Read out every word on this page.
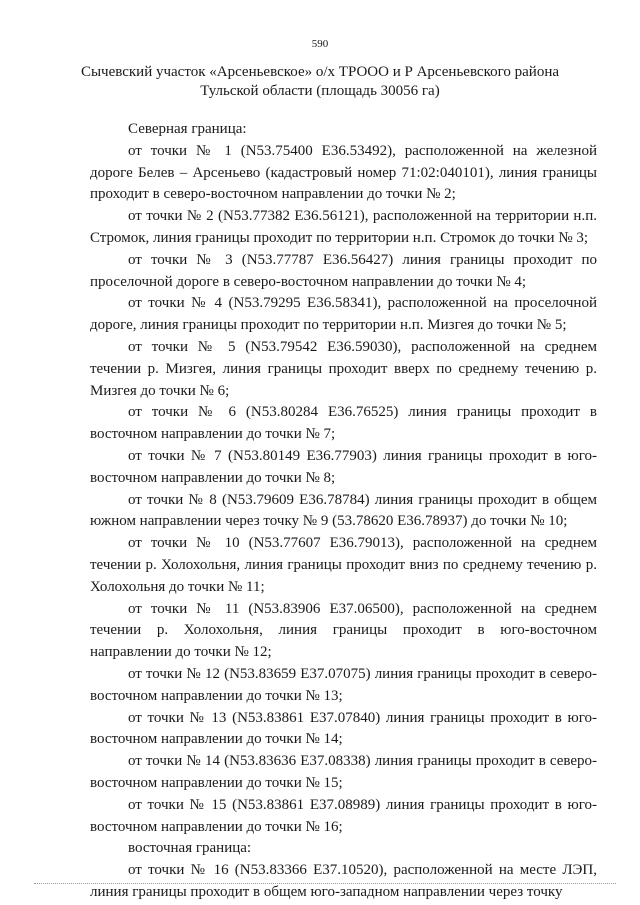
590
Сычевский участок «Арсеньевское» о/х ТРООО и Р Арсеньевского района
Тульской области (площадь 30056 га)

Северная граница:

от точки № 1 (N53.75400 E36.53492), расположенной на железной дороге Белев – Арсеньево (кадастровый номер 71:02:040101), линия границы проходит в северо-восточном направлении до точки № 2;

от точки № 2 (N53.77382 E36.56121), расположенной на территории н.п. Стромок, линия границы проходит по территории н.п. Стромок до точки № 3;

от точки № 3 (N53.77787 E36.56427) линия границы проходит по проселочной дороге в северо-восточном направлении до точки № 4;

от точки № 4 (N53.79295 E36.58341), расположенной на проселочной дороге, линия границы проходит по территории н.п. Мизгея до точки № 5;

от точки № 5 (N53.79542 E36.59030), расположенной на среднем течении р. Мизгея, линия границы проходит вверх по среднему течению р. Мизгея до точки № 6;

от точки № 6 (N53.80284 E36.76525) линия границы проходит в восточном направлении до точки № 7;

от точки № 7 (N53.80149 E36.77903) линия границы проходит в юго-восточном направлении до точки № 8;

от точки № 8 (N53.79609 E36.78784) линия границы проходит в общем южном направлении через точку № 9 (53.78620 E36.78937) до точки № 10;

от точки № 10 (N53.77607 E36.79013), расположенной на среднем течении р. Холохольня, линия границы проходит вниз по среднему течению р. Холохольня до точки № 11;

от точки № 11 (N53.83906 E37.06500), расположенной на среднем течении р. Холохольня, линия границы проходит в юго-восточном направлении до точки № 12;

от точки № 12 (N53.83659 E37.07075) линия границы проходит в северо-восточном направлении до точки № 13;

от точки № 13 (N53.83861 E37.07840) линия границы проходит в юго-восточном направлении до точки № 14;

от точки № 14 (N53.83636 E37.08338) линия границы проходит в северо-восточном направлении до точки № 15;

от точки № 15 (N53.83861 E37.08989) линия границы проходит в юго-восточном направлении до точки № 16;

восточная граница:

от точки № 16 (N53.83366 E37.10520), расположенной на месте ЛЭП, линия границы проходит в общем юго-западном направлении через точку
